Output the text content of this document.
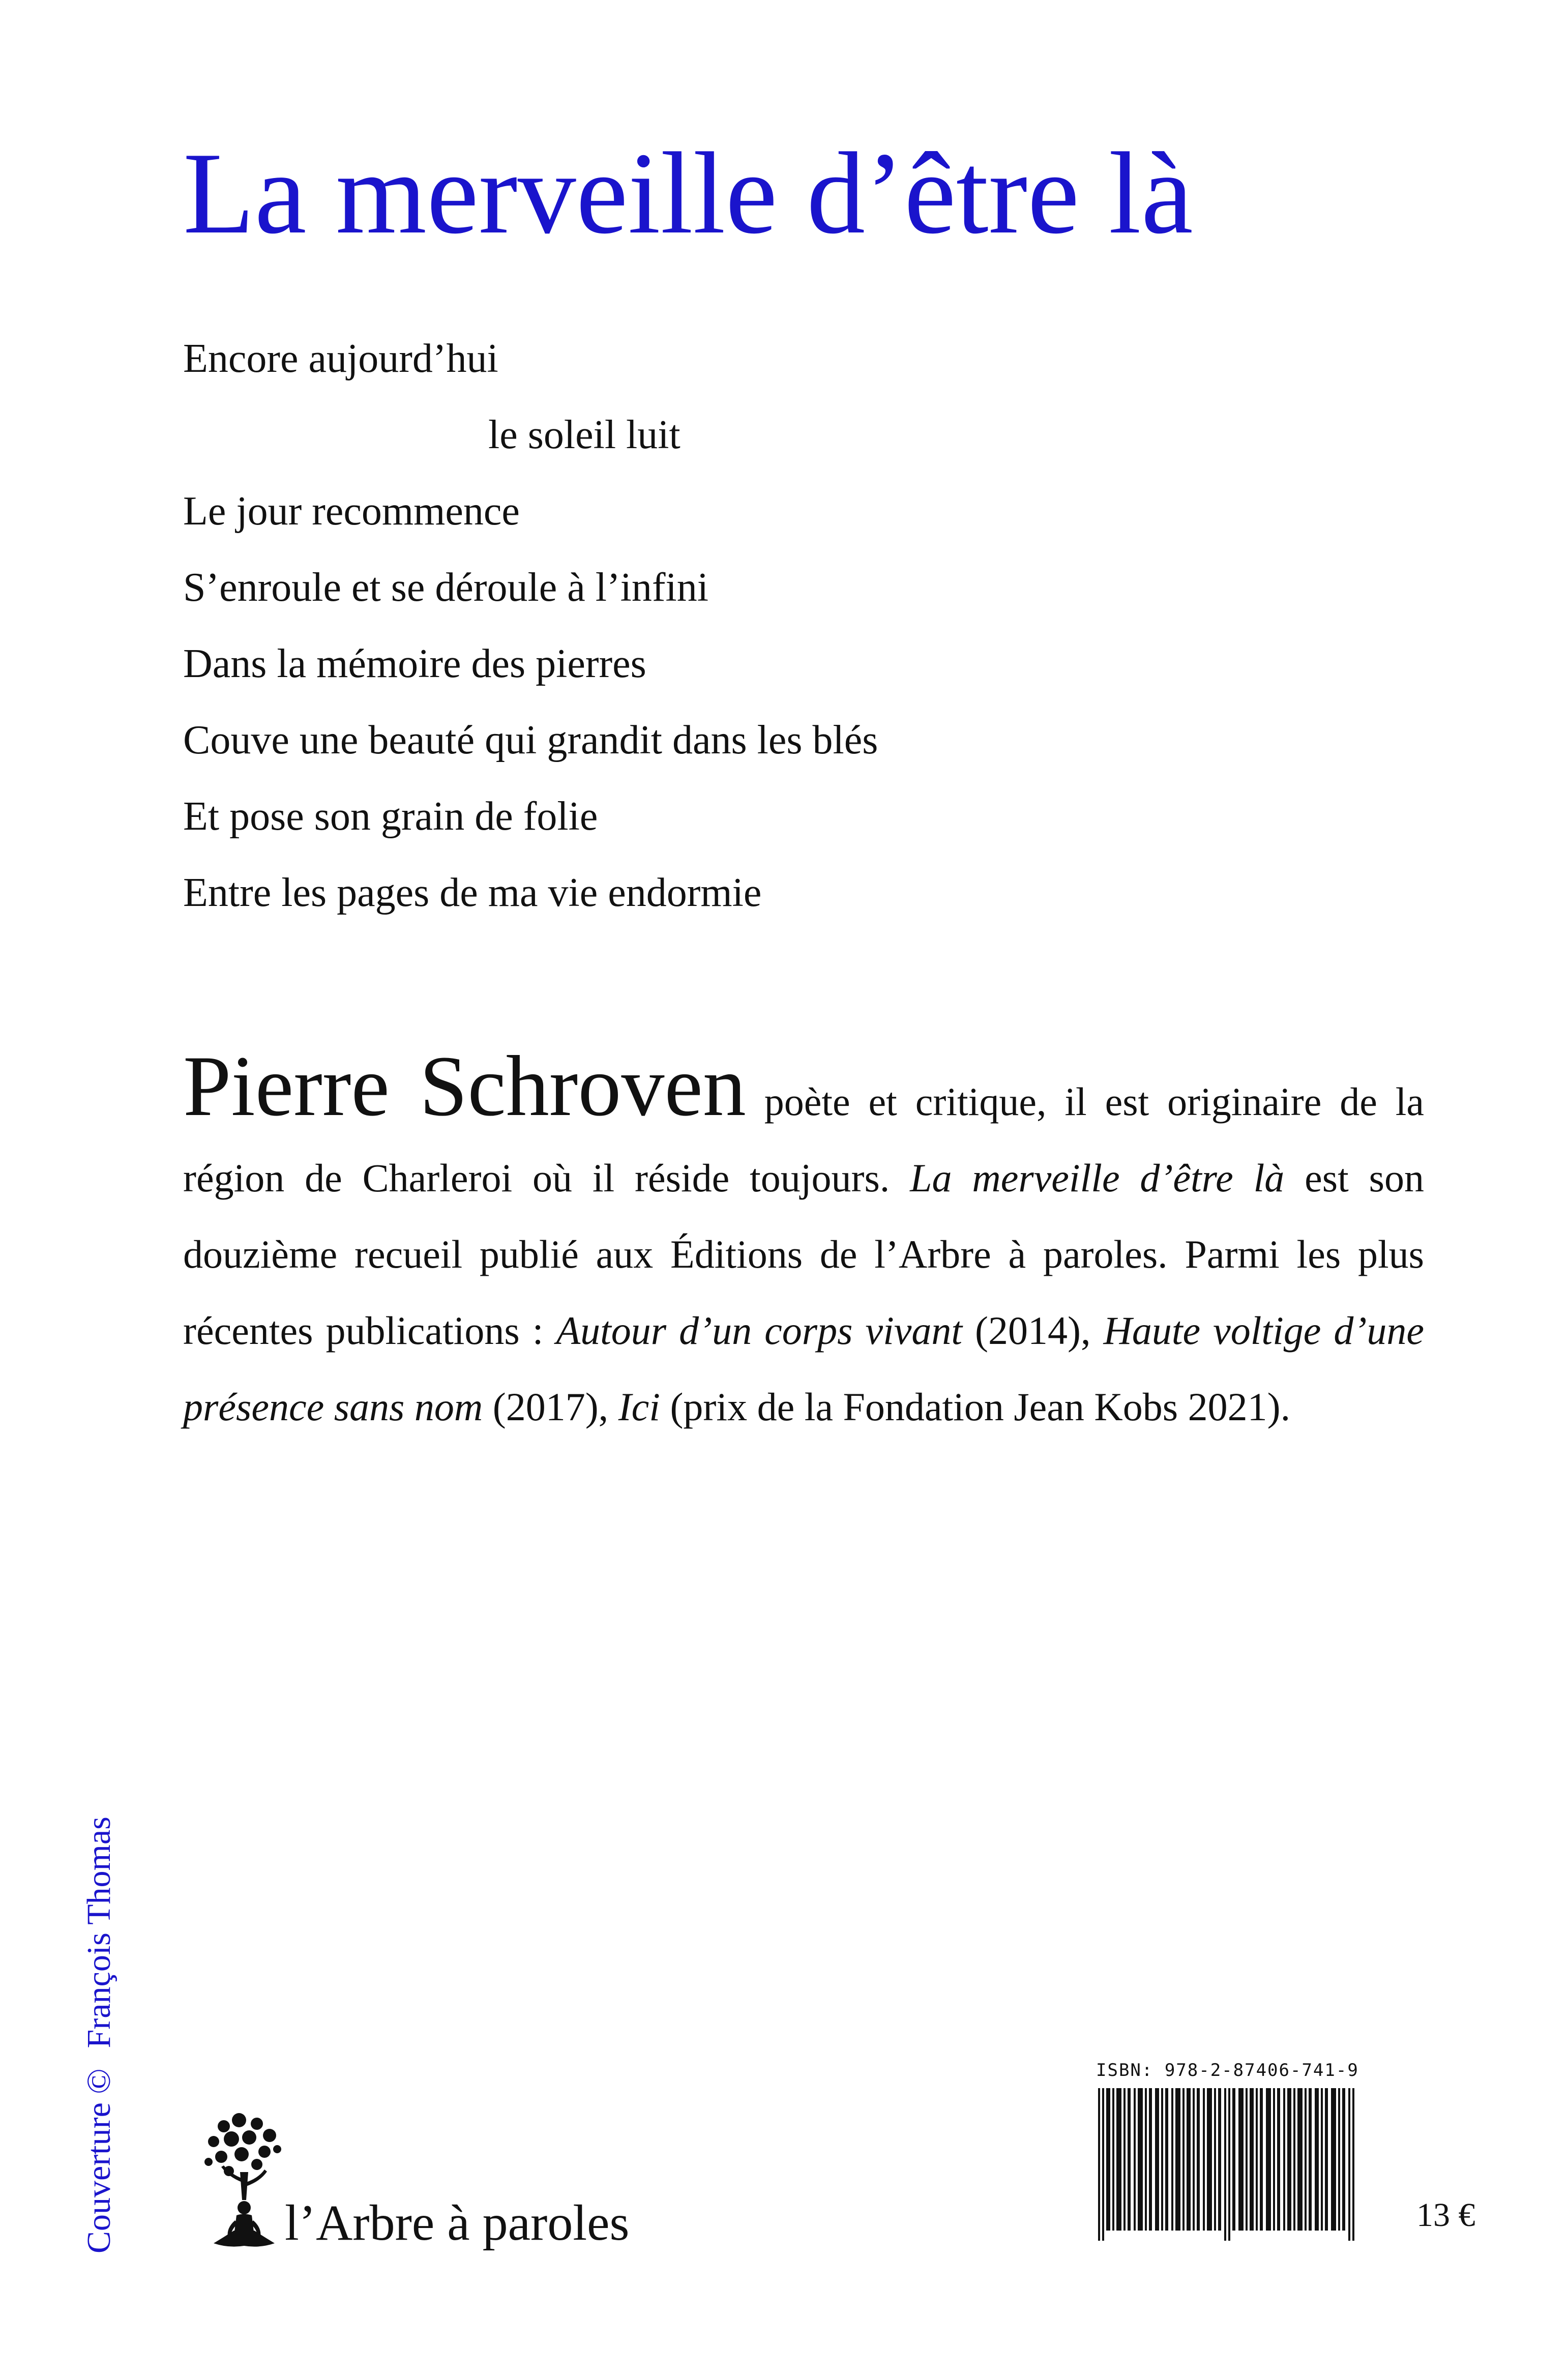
La merveille d’être là
Encore aujourd’hui
le soleil luit
Le jour recommence
S’enroule et se déroule à l’infini
Dans la mémoire des pierres
Couve une beauté qui grandit dans les blés
Et pose son grain de folie
Entre les pages de ma vie endormie
Pierre Schroven poète et critique, il est originaire de la région de Charleroi où il réside toujours. La merveille d’être là est son douzième recueil publié aux Éditions de l’Arbre à paroles. Parmi les plus récentes publications : Autour d’un corps vivant (2014), Haute voltige d’une présence sans nom (2017), Ici (prix de la Fondation Jean Kobs 2021).
Couverture ©François Thomas
l’Arbre à paroles
ISBN: 978-2-87406-741-9
13 €
